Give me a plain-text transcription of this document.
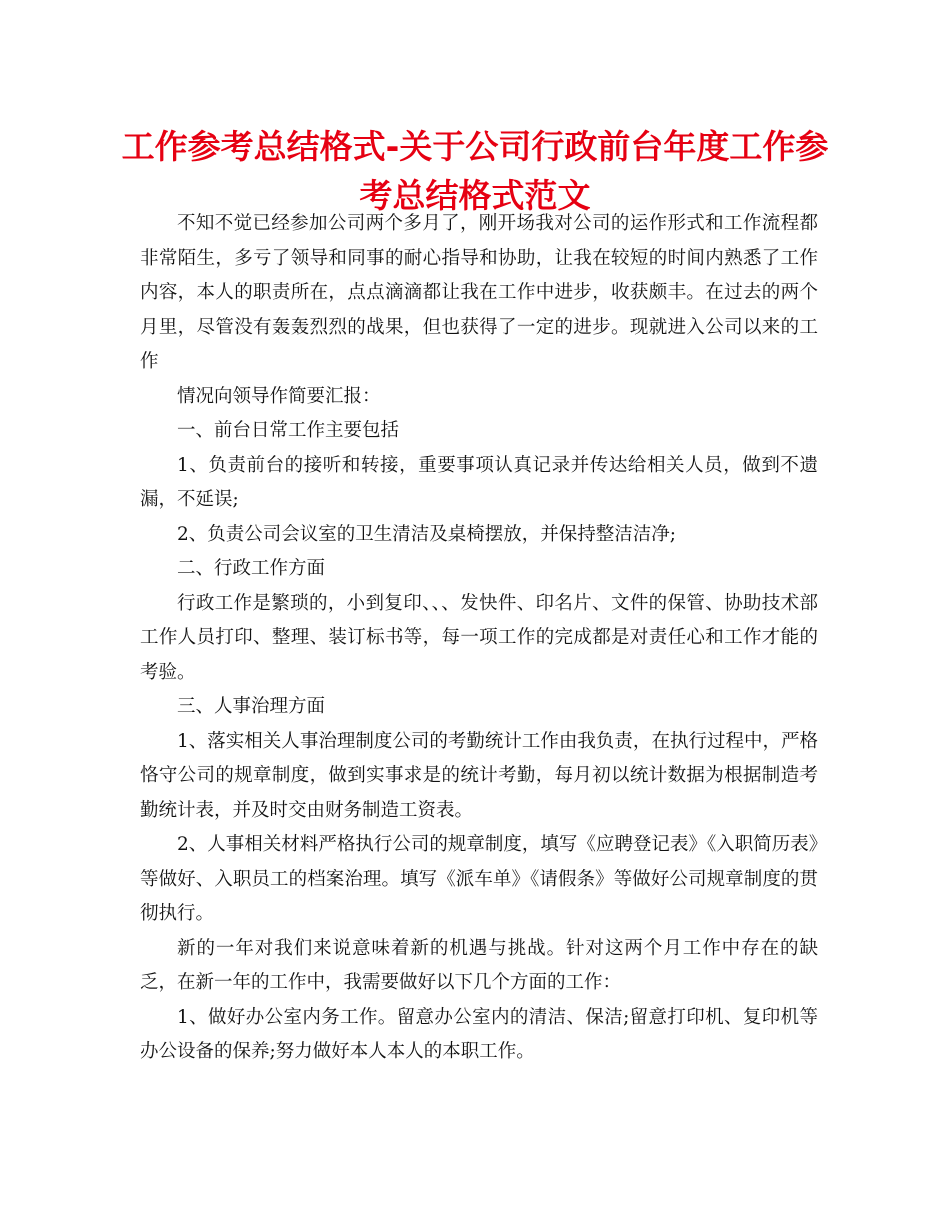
工作参考总结格式-关于公司行政前台年度工作参考总结格式范文

不知不觉已经参加公司两个多月了，刚开场我对公司的运作形式和工作流程都非常陌生，多亏了领导和同事的耐心指导和协助，让我在较短的时间内熟悉了工作内容，本人的职责所在，点点滴滴都让我在工作中进步，收获颇丰。在过去的两个月里，尽管没有轰轰烈烈的战果，但也获得了一定的进步。现就进入公司以来的工作

情况向领导作简要汇报：

一、前台日常工作主要包括

1、负责前台的接听和转接，重要事项认真记录并传达给相关人员，做到不遗漏，不延误;

2、负责公司会议室的卫生清洁及桌椅摆放，并保持整洁洁净;

二、行政工作方面

行政工作是繁琐的，小到复印、、、发快件、印名片、文件的保管、协助技术部工作人员打印、整理、装订标书等，每一项工作的完成都是对责任心和工作才能的考验。

三、人事治理方面

1、落实相关人事治理制度公司的考勤统计工作由我负责，在执行过程中，严格恪守公司的规章制度，做到实事求是的统计考勤，每月初以统计数据为根据制造考勤统计表，并及时交由财务制造工资表。

2、人事相关材料严格执行公司的规章制度，填写《应聘登记表》《入职简历表》等做好、入职员工的档案治理。填写《派车单》《请假条》等做好公司规章制度的贯彻执行。

新的一年对我们来说意味着新的机遇与挑战。针对这两个月工作中存在的缺乏，在新一年的工作中，我需要做好以下几个方面的工作：

1、做好办公室内务工作。留意办公室内的清洁、保洁;留意打印机、复印机等办公设备的保养;努力做好本人本人的本职工作。
